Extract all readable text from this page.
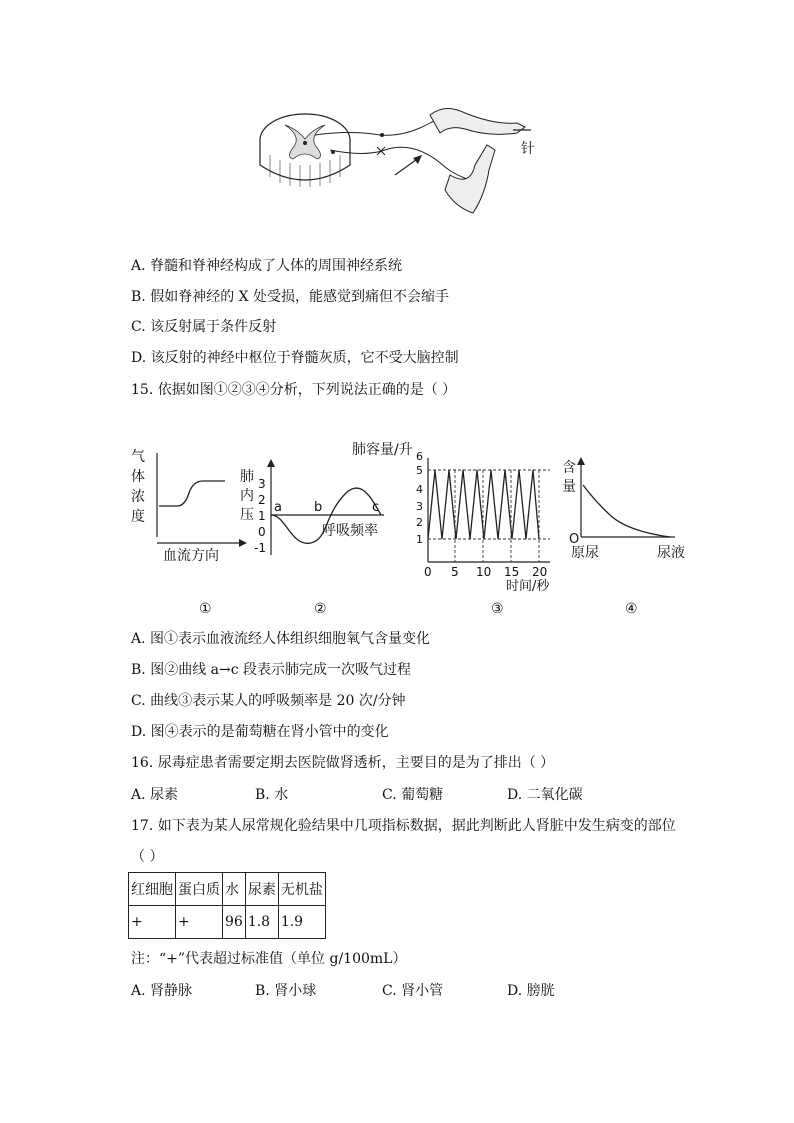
针
A. 脊髓和脊神经构成了人体的周围神经系统
B. 假如脊神经的 X 处受损，能感觉到痛但不会缩手
C. 该反射属于条件反射
D. 该反射的神经中枢位于脊髓灰质，它不受大脑控制
15. 依据如图①②③④分析，下列说法正确的是（ ）
气
体
浓
度
血流方向
肺
内
压
3
2
1
0
-1
a b	c
呼吸频率
肺容量/升 6
5
4
3
2
1
0 5 10 15 20
时间/秒
含
量
O
原尿	尿液
①	②	③	④
A. 图①表示血液流经人体组织细胞氧气含量变化
B. 图②曲线 a→c 段表示肺完成一次吸气过程
C. 曲线③表示某人的呼吸频率是 20 次/分钟
D. 图④表示的是葡萄糖在肾小管中的变化
16. 尿毒症患者需要定期去医院做肾透析，主要目的是为了排出（ ）
A. 尿素	B. 水	C. 葡萄糖	D. 二氧化碳
17. 如下表为某人尿常规化验结果中几项指标数据，据此判断此人肾脏中发生病变的部位
（ ）
红细胞	蛋白质	水	尿素	无机盐
+	+	96	1.8	1.9
注：“+”代表超过标准值（单位 g/100mL）
A. 肾静脉	B. 肾小球	C. 肾小管	D. 膀胱
